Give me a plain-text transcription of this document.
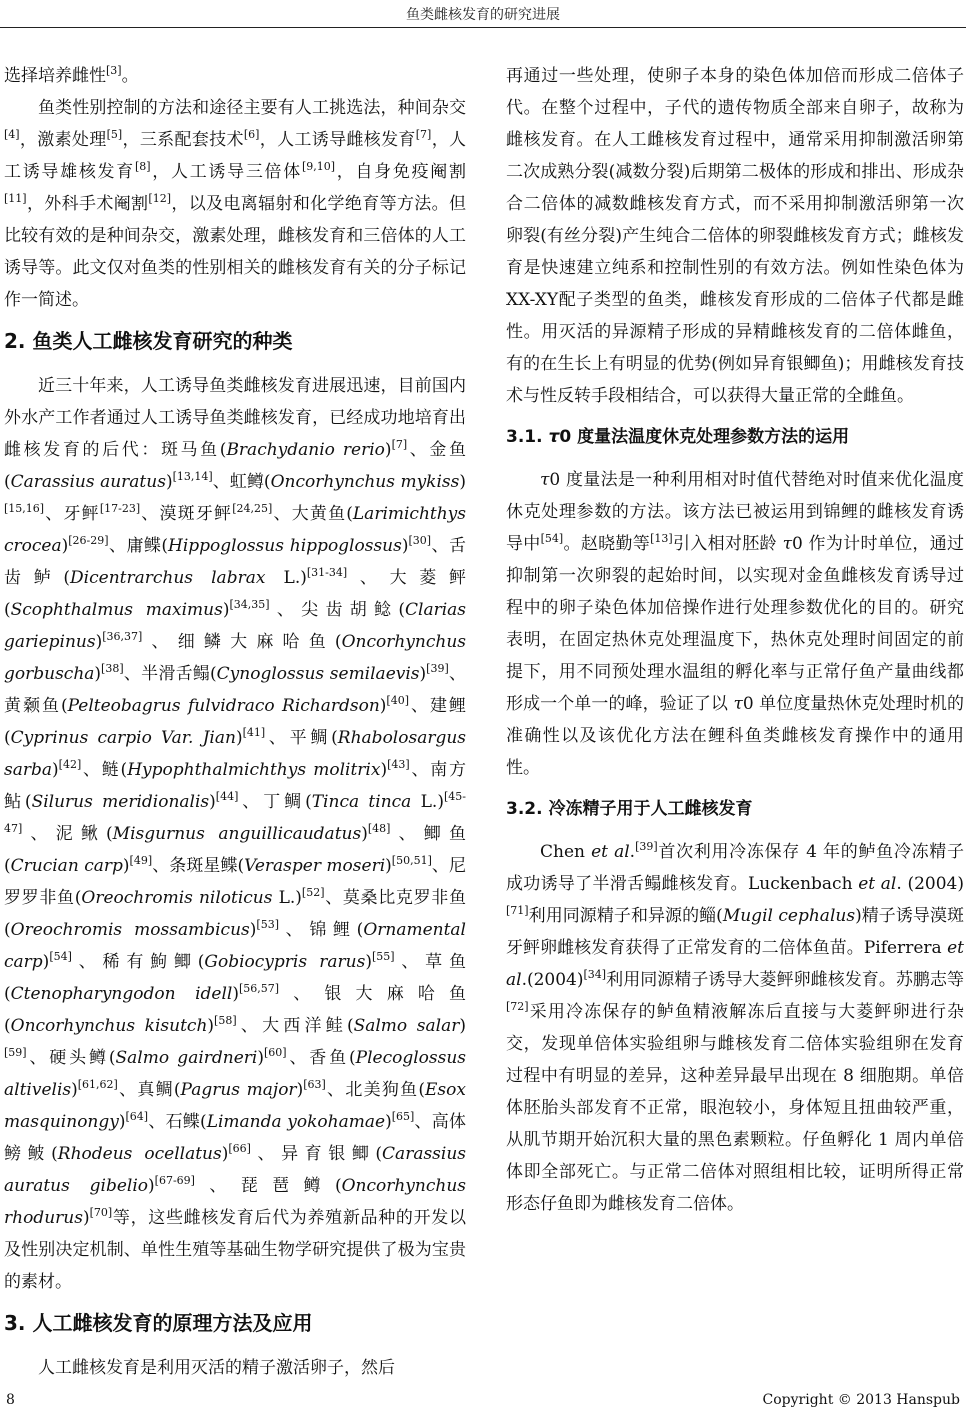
鱼类雌核发育的研究进展

选择培养雌性[3]。

鱼类性别控制的方法和途径主要有人工挑选法，种间杂交[4]，激素处理[5]，三系配套技术[6]，人工诱导雌核发育[7]，人工诱导雄核发育[8]，人工诱导三倍体[9,10]，自身免疫阉割[11]，外科手术阉割[12]，以及电离辐射和化学绝育等方法。但比较有效的是种间杂交，激素处理，雌核发育和三倍体的人工诱导等。此文仅对鱼类的性别相关的雌核发育有关的分子标记作一简述。

2. 鱼类人工雌核发育研究的种类

近三十年来，人工诱导鱼类雌核发育进展迅速，目前国内外水产工作者通过人工诱导鱼类雌核发育，已经成功地培育出雌核发育的后代：斑马鱼(Brachydanio rerio)[7]、金鱼(Carassius auratus)[13,14]、虹鳟(Oncorhynchus mykiss)[15,16]、牙鲆[17-23]、漠斑牙鲆[24,25]、大黄鱼(Larimichthys crocea)[26-29]、庸鲽(Hippoglossus hippoglossus)[30]、舌齿鲈(Dicentrarchus labrax L.)[31-34]、大菱鲆(Scophthalmus maximus)[34,35]、尖齿胡鲶(Clarias gariepinus)[36,37]、细鳞大麻哈鱼(Oncorhynchus gorbuscha)[38]、半滑舌鳎(Cynoglossus semilaevis)[39]、黄颡鱼(Pelteobagrus fulvidraco Richardson)[40]、建鲤(Cyprinus carpio Var. Jian)[41]、平鲷(Rhabolosargus sarba)[42]、鲢(Hypophthalmichthys molitrix)[43]、南方鲇(Silurus meridionalis)[44]、丁鲷(Tinca tinca L.)[45-47]、泥鳅(Misgurnus anguillicaudatus)[48]、鲫鱼(Crucian carp)[49]、条斑星鲽(Verasper moseri)[50,51]、尼罗罗非鱼(Oreochromis niloticus L.)[52]、莫桑比克罗非鱼(Oreochromis mossambicus)[53]、锦鲤(Ornamental carp)[54]、稀有鮈鲫(Gobiocypris rarus)[55]、草鱼(Ctenopharyngodon idell)[56,57]、银大麻哈鱼(Oncorhynchus kisutch)[58]、大西洋鲑(Salmo salar)[59]、硬头鳟(Salmo gairdneri)[60]、香鱼(Plecoglossus altivelis)[61,62]、真鲷(Pagrus major)[63]、北美狗鱼(Esox masquinongy)[64]、石鲽(Limanda yokohamae)[65]、高体鳑鲏(Rhodeus ocellatus)[66]、异育银鲫(Carassius auratus gibelio)[67-69]、琵琶鳟(Oncorhynchus rhodurus)[70]等，这些雌核发育后代为养殖新品种的开发以及性别决定机制、单性生殖等基础生物学研究提供了极为宝贵的素材。

3. 人工雌核发育的原理方法及应用

人工雌核发育是利用灭活的精子激活卵子，然后

再通过一些处理，使卵子本身的染色体加倍而形成二倍体子代。在整个过程中，子代的遗传物质全部来自卵子，故称为雌核发育。在人工雌核发育过程中，通常采用抑制激活卵第二次成熟分裂(减数分裂)后期第二极体的形成和排出、形成杂合二倍体的减数雌核发育方式，而不采用抑制激活卵第一次卵裂(有丝分裂)产生纯合二倍体的卵裂雌核发育方式；雌核发育是快速建立纯系和控制性别的有效方法。例如性染色体为XX-XY配子类型的鱼类，雌核发育形成的二倍体子代都是雌性。用灭活的异源精子形成的异精雌核发育的二倍体雌鱼，有的在生长上有明显的优势(例如异育银鲫鱼)；用雌核发育技术与性反转手段相结合，可以获得大量正常的全雌鱼。

3.1. τ0 度量法温度休克处理参数方法的运用

τ0 度量法是一种利用相对时值代替绝对时值来优化温度休克处理参数的方法。该方法已被运用到锦鲤的雌核发育诱导中[54]。赵晓勤等[13]引入相对胚龄 τ0 作为计时单位，通过抑制第一次卵裂的起始时间，以实现对金鱼雌核发育诱导过程中的卵子染色体加倍操作进行处理参数优化的目的。研究表明，在固定热休克处理温度下，热休克处理时间固定的前提下，用不同预处理水温组的孵化率与正常仔鱼产量曲线都形成一个单一的峰，验证了以 τ0 单位度量热休克处理时机的准确性以及该优化方法在鲤科鱼类雌核发育操作中的通用性。

3.2. 冷冻精子用于人工雌核发育

Chen et al.[39]首次利用冷冻保存 4 年的鲈鱼冷冻精子成功诱导了半滑舌鳎雌核发育。Luckenbach et al. (2004)[71]利用同源精子和异源的鲻(Mugil cephalus)精子诱导漠斑牙鲆卵雌核发育获得了正常发育的二倍体鱼苗。Piferrera et al.(2004)[34]利用同源精子诱导大菱鲆卵雌核发育。苏鹏志等[72]采用冷冻保存的鲈鱼精液解冻后直接与大菱鲆卵进行杂交，发现单倍体实验组卵与雌核发育二倍体实验组卵在发育过程中有明显的差异，这种差异最早出现在 8 细胞期。单倍体胚胎头部发育不正常，眼泡较小，身体短且扭曲较严重，从肌节期开始沉积大量的黑色素颗粒。仔鱼孵化 1 周内单倍体即全部死亡。与正常二倍体对照组相比较，证明所得正常形态仔鱼即为雌核发育二倍体。

8	Copyright © 2013 Hanspub
